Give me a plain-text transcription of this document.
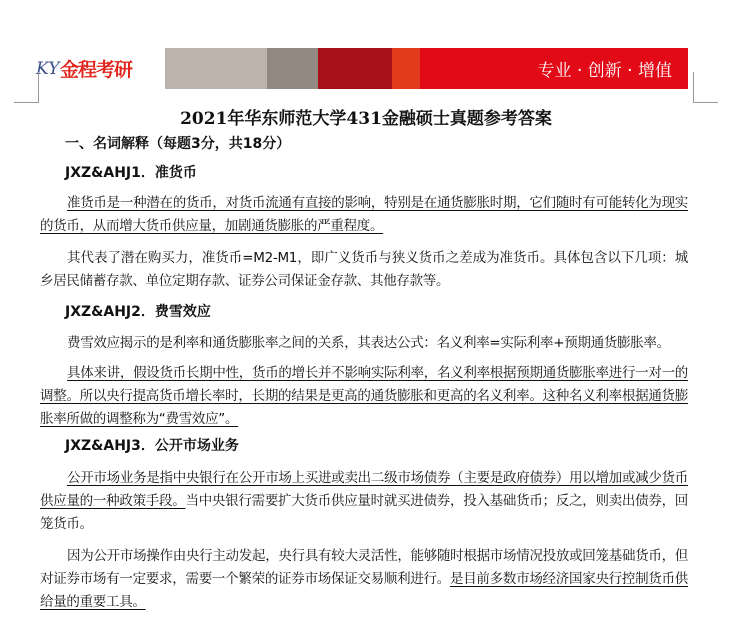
KY 金程考研	专业 · 创新 · 增值
2021年华东师范大学431金融硕士真题参考答案
一、名词解释（每题3分，共18分）
JXZ&AHJ1．准货币
准货币是一种潜在的货币，对货币流通有直接的影响，特别是在通货膨胀时期，它们随时有可能转化为现实的货币，从而增大货币供应量，加剧通货膨胀的严重程度。
其代表了潜在购买力，准货币=M2-M1，即广义货币与狭义货币之差成为准货币。具体包含以下几项：城乡居民储蓄存款、单位定期存款、证券公司保证金存款、其他存款等。
JXZ&AHJ2．费雪效应
费雪效应揭示的是利率和通货膨胀率之间的关系，其表达公式：名义利率=实际利率+预期通货膨胀率。
具体来讲，假设货币长期中性，货币的增长并不影响实际利率，名义利率根据预期通货膨胀率进行一对一的调整。所以央行提高货币增长率时，长期的结果是更高的通货膨胀和更高的名义利率。这种名义利率根据通货膨胀率所做的调整称为“费雪效应”。
JXZ&AHJ3．公开市场业务
公开市场业务是指中央银行在公开市场上买进或卖出二级市场债券（主要是政府债券）用以增加或减少货币供应量的一种政策手段。当中央银行需要扩大货币供应量时就买进债券，投入基础货币；反之，则卖出债券，回笼货币。
因为公开市场操作由央行主动发起，央行具有较大灵活性，能够随时根据市场情况投放或回笼基础货币，但对证券市场有一定要求，需要一个繁荣的证券市场保证交易顺利进行。是目前多数市场经济国家央行控制货币供给量的重要工具。
